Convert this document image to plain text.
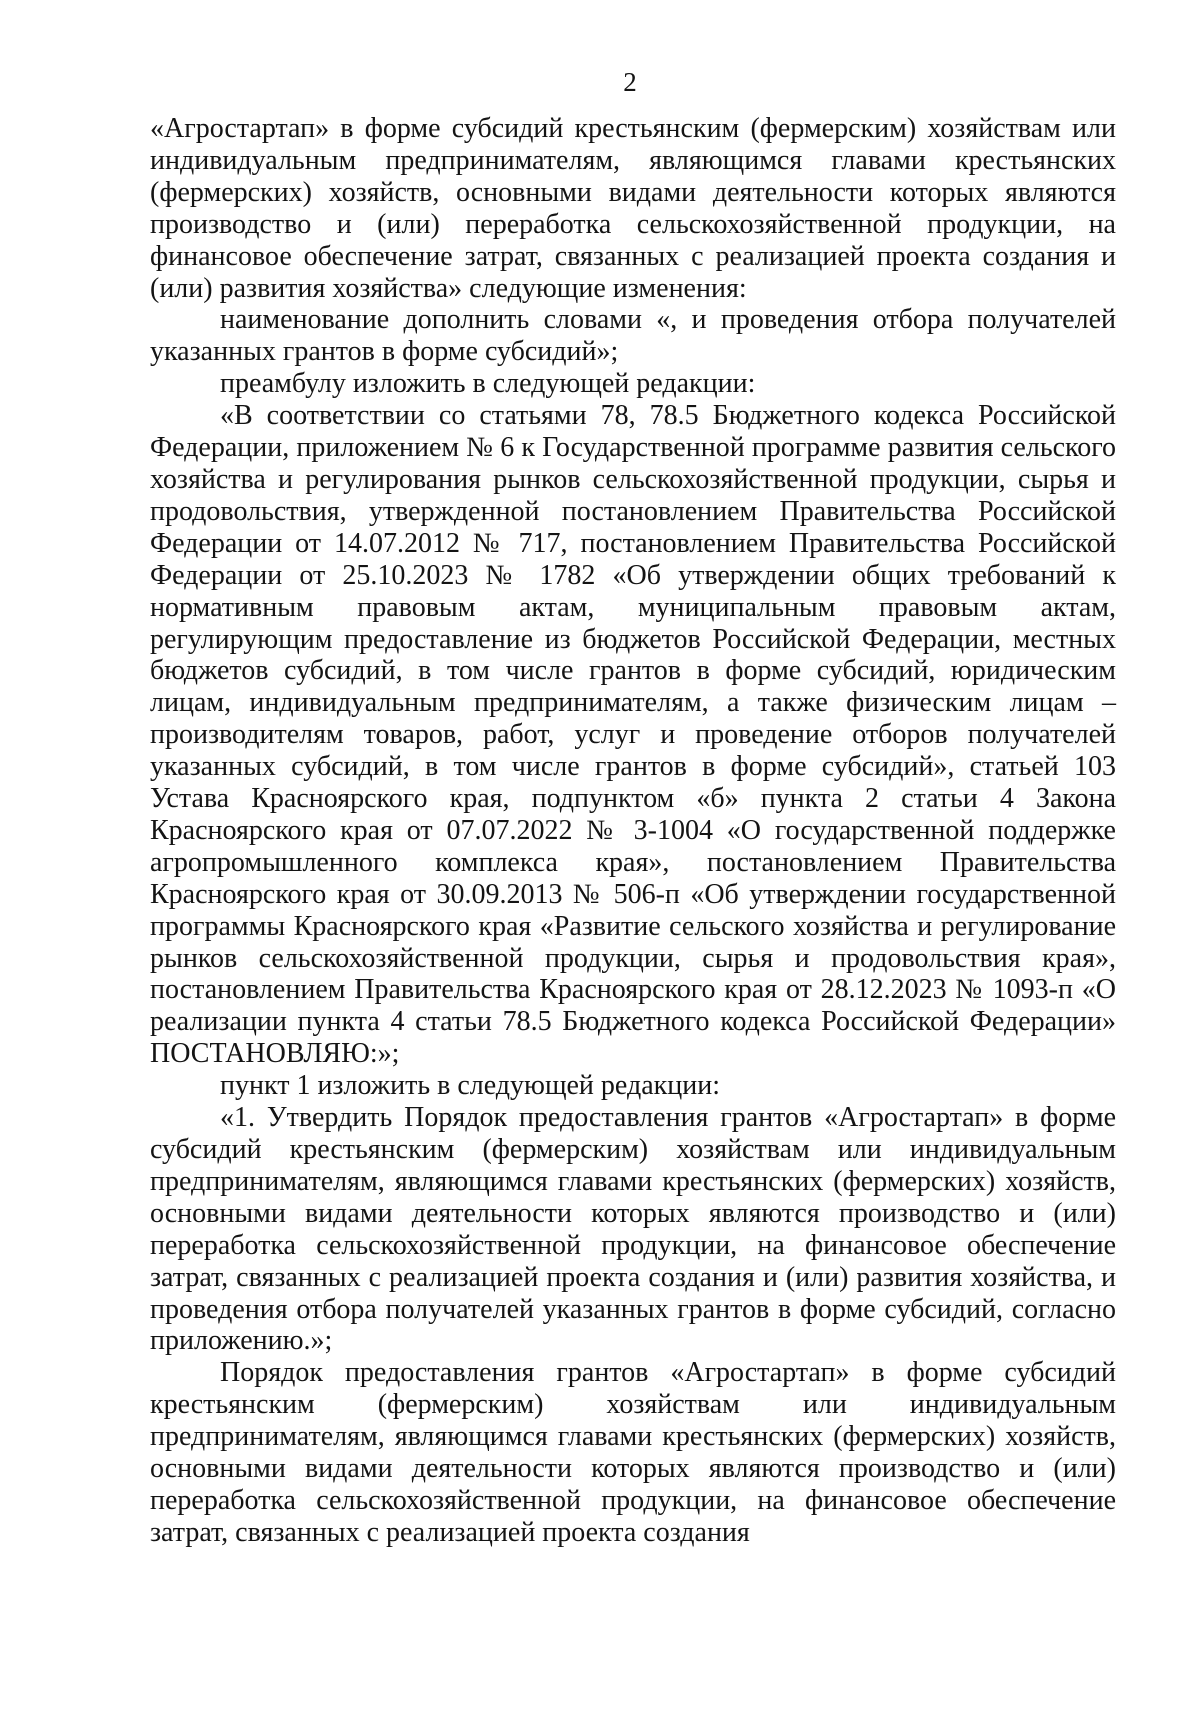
2

«Агростартап» в форме субсидий крестьянским (фермерским) хозяйствам или индивидуальным предпринимателям, являющимся главами крестьянских (фермерских) хозяйств, основными видами деятельности которых являются производство и (или) переработка сельскохозяйственной продукции, на финансовое обеспечение затрат, связанных с реализацией проекта создания и (или) развития хозяйства» следующие изменения:

наименование дополнить словами «, и проведения отбора получателей указанных грантов в форме субсидий»;

преамбулу изложить в следующей редакции:

«В соответствии со статьями 78, 78.5 Бюджетного кодекса Российской Федерации, приложением № 6 к Государственной программе развития сельского хозяйства и регулирования рынков сельскохозяйственной продукции, сырья и продовольствия, утвержденной постановлением Правительства Российской Федерации от 14.07.2012 № 717, постановлением Правительства Российской Федерации от 25.10.2023 № 1782 «Об утверждении общих требований к нормативным правовым актам, муниципальным правовым актам, регулирующим предоставление из бюджетов Российской Федерации, местных бюджетов субсидий, в том числе грантов в форме субсидий, юридическим лицам, индивидуальным предпринимателям, а также физическим лицам – производителям товаров, работ, услуг и проведение отборов получателей указанных субсидий, в том числе грантов в форме субсидий», статьей 103 Устава Красноярского края, подпунктом «б» пункта 2 статьи 4 Закона Красноярского края от 07.07.2022 № 3-1004 «О государственной поддержке агропромышленного комплекса края», постановлением Правительства Красноярского края от 30.09.2013 № 506-п «Об утверждении государственной программы Красноярского края «Развитие сельского хозяйства и регулирование рынков сельскохозяйственной продукции, сырья и продовольствия края», постановлением Правительства Красноярского края от 28.12.2023 № 1093-п «О реализации пункта 4 статьи 78.5 Бюджетного кодекса Российской Федерации» ПОСТАНОВЛЯЮ:»;

пункт 1 изложить в следующей редакции:

«1. Утвердить Порядок предоставления грантов «Агростартап» в форме субсидий крестьянским (фермерским) хозяйствам или индивидуальным предпринимателям, являющимся главами крестьянских (фермерских) хозяйств, основными видами деятельности которых являются производство и (или) переработка сельскохозяйственной продукции, на финансовое обеспечение затрат, связанных с реализацией проекта создания и (или) развития хозяйства, и проведения отбора получателей указанных грантов в форме субсидий, согласно приложению.»;

Порядок предоставления грантов «Агростартап» в форме субсидий крестьянским (фермерским) хозяйствам или индивидуальным предпринимателям, являющимся главами крестьянских (фермерских) хозяйств, основными видами деятельности которых являются производство и (или) переработка сельскохозяйственной продукции, на финансовое обеспечение затрат, связанных с реализацией проекта создания
